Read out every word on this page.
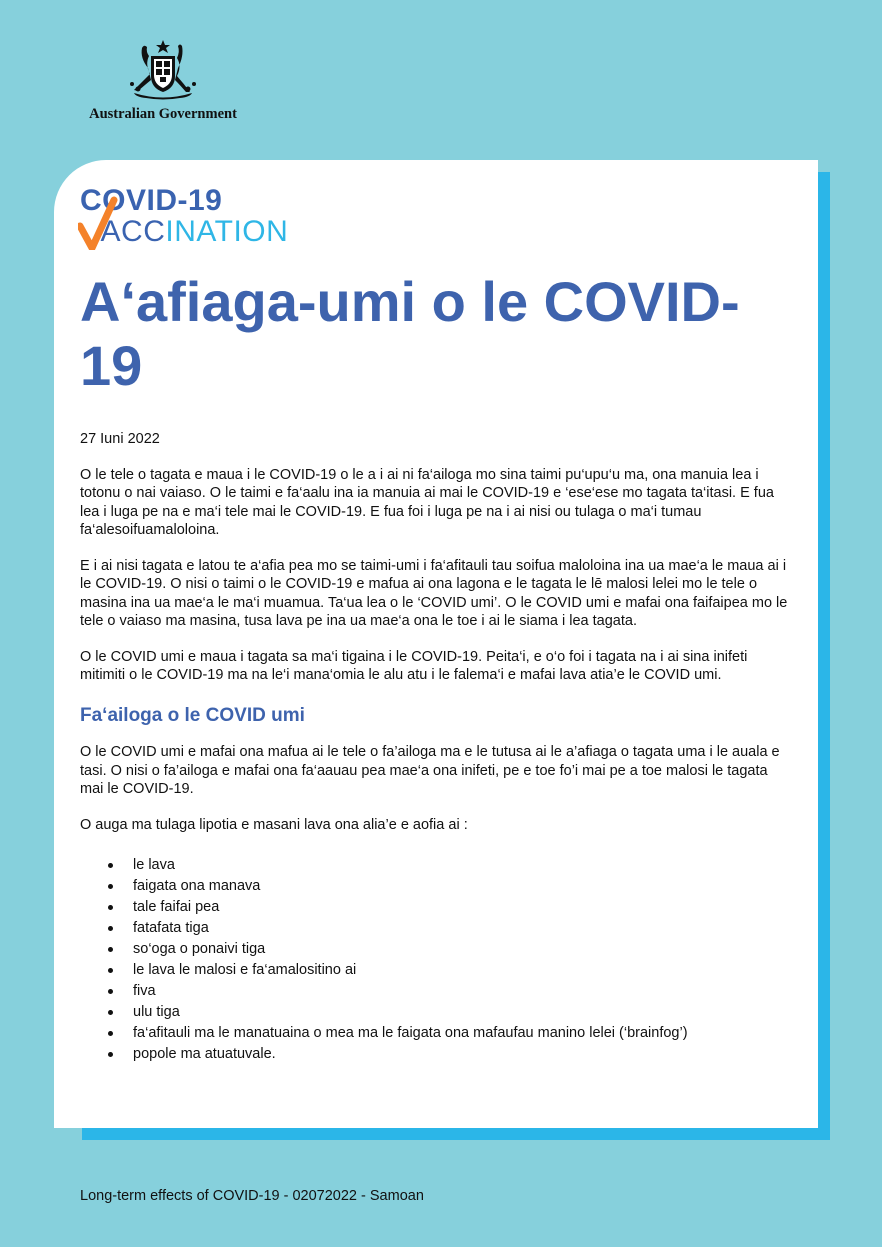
Australian Government
COVID-19
ACCINATION
A‘afiaga-umi o le COVID-19

27 Iuni 2022

O le tele o tagata e maua i le COVID-19 o le a i ai ni fa‘ailoga mo sina taimi pu‘upu‘u ma, ona manuia lea i totonu o nai vaiaso. O le taimi e fa‘aalu ina ia manuia ai mai le COVID-19 e ‘ese‘ese mo tagata ta‘itasi. E fua lea i luga pe na e ma‘i tele mai le COVID-19. E fua foi i luga pe na i ai nisi ou tulaga o ma‘i tumau fa‘alesoifuamaloloina.

E i ai nisi tagata e latou te a‘afia pea mo se taimi-umi i fa‘afitauli tau soifua maloloina ina ua mae‘a le maua ai i le COVID-19. O nisi o taimi o le COVID-19 e mafua ai ona lagona e le tagata le lē malosi lelei mo le tele o masina ina ua mae‘a le ma‘i muamua. Ta‘ua lea o le ‘COVID umi’. O le COVID umi e mafai ona faifaipea mo le tele o vaiaso ma masina, tusa lava pe ina ua mae‘a ona le toe i ai le siama i lea tagata.

O le COVID umi e maua i tagata sa ma‘i tigaina i le COVID-19. Peita‘i, e o‘o foi i tagata na i ai sina inifeti mitimiti o le COVID-19 ma na le‘i mana‘omia le alu atu i le falema‘i e mafai lava atia’e le COVID umi.

Fa‘ailoga o le COVID umi

O le COVID umi e mafai ona mafua ai le tele o fa’ailoga ma e le tutusa ai le a’afiaga o tagata uma i le auala e tasi. O nisi o fa’ailoga e mafai ona fa‘aauau pea mae‘a ona inifeti, pe e toe fo’i mai pe a toe malosi le tagata mai le COVID-19.

O auga ma tulaga lipotia e masani lava ona alia’e e aofia ai :

le lava
faigata ona manava
tale faifai pea
fatafata tiga
so‘oga o ponaivi tiga
le lava le malosi e fa‘amalositino ai
fiva
ulu tiga
fa‘afitauli ma le manatuaina o mea ma le faigata ona mafaufau manino lelei (‘brainfog’)
popole ma atuatuvale.
Long-term effects of COVID-19 - 02072022 - Samoan
